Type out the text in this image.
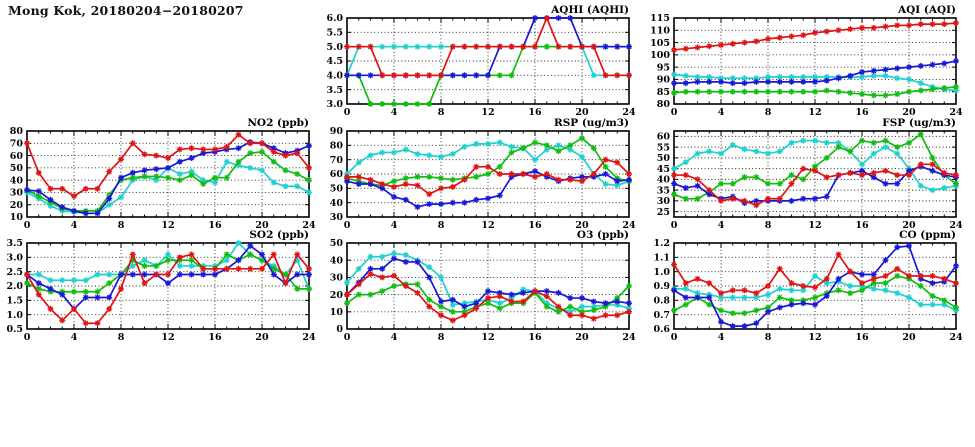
Mong Kok, 20180204−20180207	AQHI (AQHI)
3.0
3.5
4.0
4.5
5.0
5.5
6.0
0	4	8	12	16	20	24
AQI (AQI)
80
85
90
95
100
105
110
115
0	4	8	12	16	20	24
NO2 (ppb)
10
20
30
40
50
60
70
80
0	4	8	12	16	20	24
RSP (ug/m3)
30
40
50
60
70
80
90
0	4	8	12	16	20	24
FSP (ug/m3)
25
30
35
40
45
50
55
60
0	4	8	12	16	20	24
SO2 (ppb)
0.5
1.0
1.5
2.0
2.5
3.0
3.5
0	4	8	12	16	20	24
O3 (ppb)
0
10
20
30
40
50
0	4	8	12	16	20	24
CO (ppm)
0.6
0.7
0.8
0.9
1.0
1.1
1.2
0	4	8	12	16	20	24
